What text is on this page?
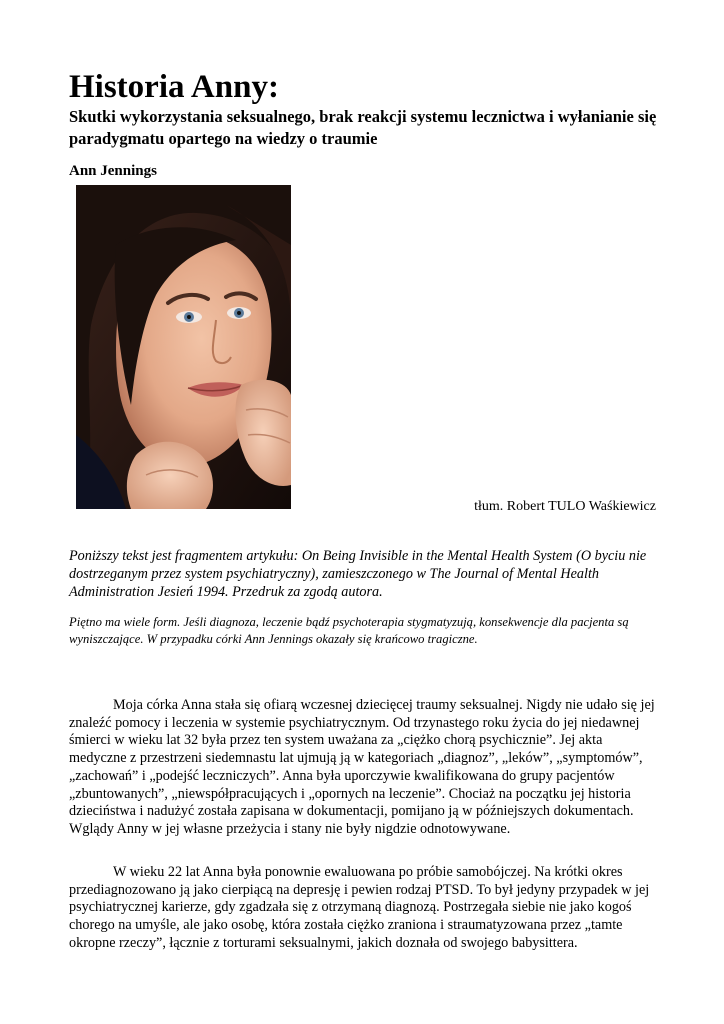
Historia Anny:
Skutki wykorzystania seksualnego, brak reakcji systemu lecznictwa i wyłanianie się paradygmatu opartego na wiedzy o traumie

Ann Jennings

tłum. Robert TULO Waśkiewicz

Poniższy tekst jest fragmentem artykułu: On Being Invisible in the Mental Health System (O byciu nie dostrzeganym przez system psychiatryczny), zamieszczonego w The Journal of Mental Health Administration Jesień 1994. Przedruk za zgodą autora.

Piętno ma wiele form. Jeśli diagnoza, leczenie bądź psychoterapia stygmatyzują, konsekwencje dla pacjenta są wyniszczające. W przypadku córki Ann Jennings okazały się krańcowo tragiczne.

Moja córka Anna stała się ofiarą wczesnej dziecięcej traumy seksualnej. Nigdy nie udało się jej znaleźć pomocy i leczenia w systemie psychiatrycznym. Od trzynastego roku życia do jej niedawnej śmierci w wieku lat 32 była przez ten system uważana za „ciężko chorą psychicznie”. Jej akta medyczne z przestrzeni siedemnastu lat ujmują ją w kategoriach „diagnoz”, „leków”, „symptomów”, „zachowań” i „podejść leczniczych”. Anna była uporczywie kwalifikowana do grupy pacjentów „zbuntowanych”, „niewspółpracujących i „opornych na leczenie”. Chociaż na początku jej historia dzieciństwa i nadużyć została zapisana w dokumentacji, pomijano ją w późniejszych dokumentach. Wglądy Anny w jej własne przeżycia i stany nie były nigdzie odnotowywane.

W wieku 22 lat Anna była ponownie ewaluowana po próbie samobójczej. Na krótki okres przediagnozowano ją jako cierpiącą na depresję i pewien rodzaj PTSD. To był jedyny przypadek w jej psychiatrycznej karierze, gdy zgadzała się z otrzymaną diagnozą. Postrzegała siebie nie jako kogoś chorego na umyśle, ale jako osobę, która została ciężko zraniona i straumatyzowana przez „tamte okropne rzeczy”, łącznie z torturami seksualnymi, jakich doznała od swojego babysittera.
